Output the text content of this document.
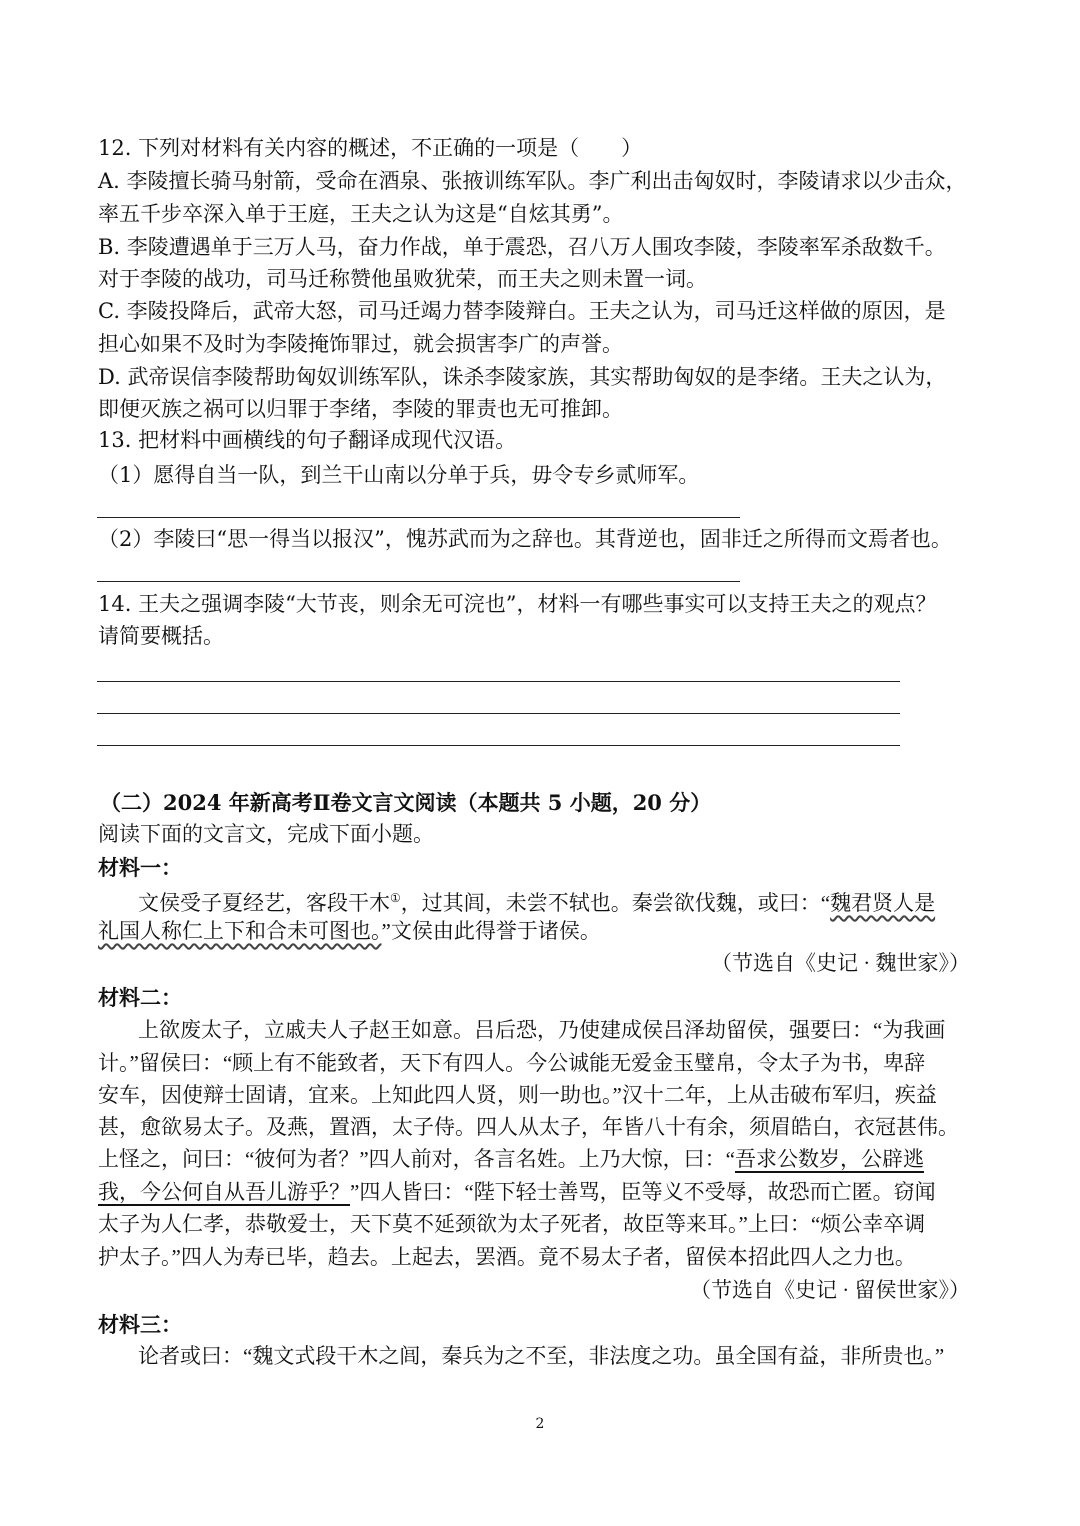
12. 下列对材料有关内容的概述，不正确的一项是（　　）
A. 李陵擅长骑马射箭，受命在酒泉、张掖训练军队。李广利出击匈奴时，李陵请求以少击众，
率五千步卒深入单于王庭，王夫之认为这是“自炫其勇”。
B. 李陵遭遇单于三万人马，奋力作战，单于震恐，召八万人围攻李陵，李陵率军杀敌数千。
对于李陵的战功，司马迁称赞他虽败犹荣，而王夫之则未置一词。
C. 李陵投降后，武帝大怒，司马迁竭力替李陵辩白。王夫之认为，司马迁这样做的原因，是
担心如果不及时为李陵掩饰罪过，就会损害李广的声誉。
D. 武帝误信李陵帮助匈奴训练军队，诛杀李陵家族，其实帮助匈奴的是李绪。王夫之认为，
即便灭族之祸可以归罪于李绪，李陵的罪责也无可推卸。
13. 把材料中画横线的句子翻译成现代汉语。
（1）愿得自当一队，到兰干山南以分单于兵，毋令专乡贰师军。
（2）李陵曰“思一得当以报汉”，愧苏武而为之辞也。其背逆也，固非迁之所得而文焉者也。
14. 王夫之强调李陵“大节丧，则余无可浣也”，材料一有哪些事实可以支持王夫之的观点？
请简要概括。
（二）2024 年新高考Ⅱ卷文言文阅读（本题共 5 小题，20 分）
阅读下面的文言文，完成下面小题。
材料一：
文侯受子夏经艺，客段干木①，过其闾，未尝不轼也。秦尝欲伐魏，或曰：“魏君贤人是
礼国人称仁上下和合未可图也。”文侯由此得誉于诸侯。
（节选自《史记 · 魏世家》）
材料二：
上欲废太子，立戚夫人子赵王如意。吕后恐，乃使建成侯吕泽劫留侯，强要曰：“为我画
计。”留侯曰：“顾上有不能致者，天下有四人。今公诚能无爱金玉璧帛，令太子为书，卑辞
安车，因使辩士固请，宜来。上知此四人贤，则一助也。”汉十二年，上从击破布军归，疾益
甚，愈欲易太子。及燕，置酒，太子侍。四人从太子，年皆八十有余，须眉皓白，衣冠甚伟。
上怪之，问曰：“彼何为者？”四人前对，各言名姓。上乃大惊，曰：“吾求公数岁，公辟逃
我，今公何自从吾儿游乎？”四人皆曰：“陛下轻士善骂，臣等义不受辱，故恐而亡匿。窃闻
太子为人仁孝，恭敬爱士，天下莫不延颈欲为太子死者，故臣等来耳。”上曰：“烦公幸卒调
护太子。”四人为寿已毕，趋去。上起去，罢酒。竟不易太子者，留侯本招此四人之力也。
（节选自《史记 · 留侯世家》）
材料三：
论者或曰：“魏文式段干木之闾，秦兵为之不至，非法度之功。虽全国有益，非所贵也。”
2
